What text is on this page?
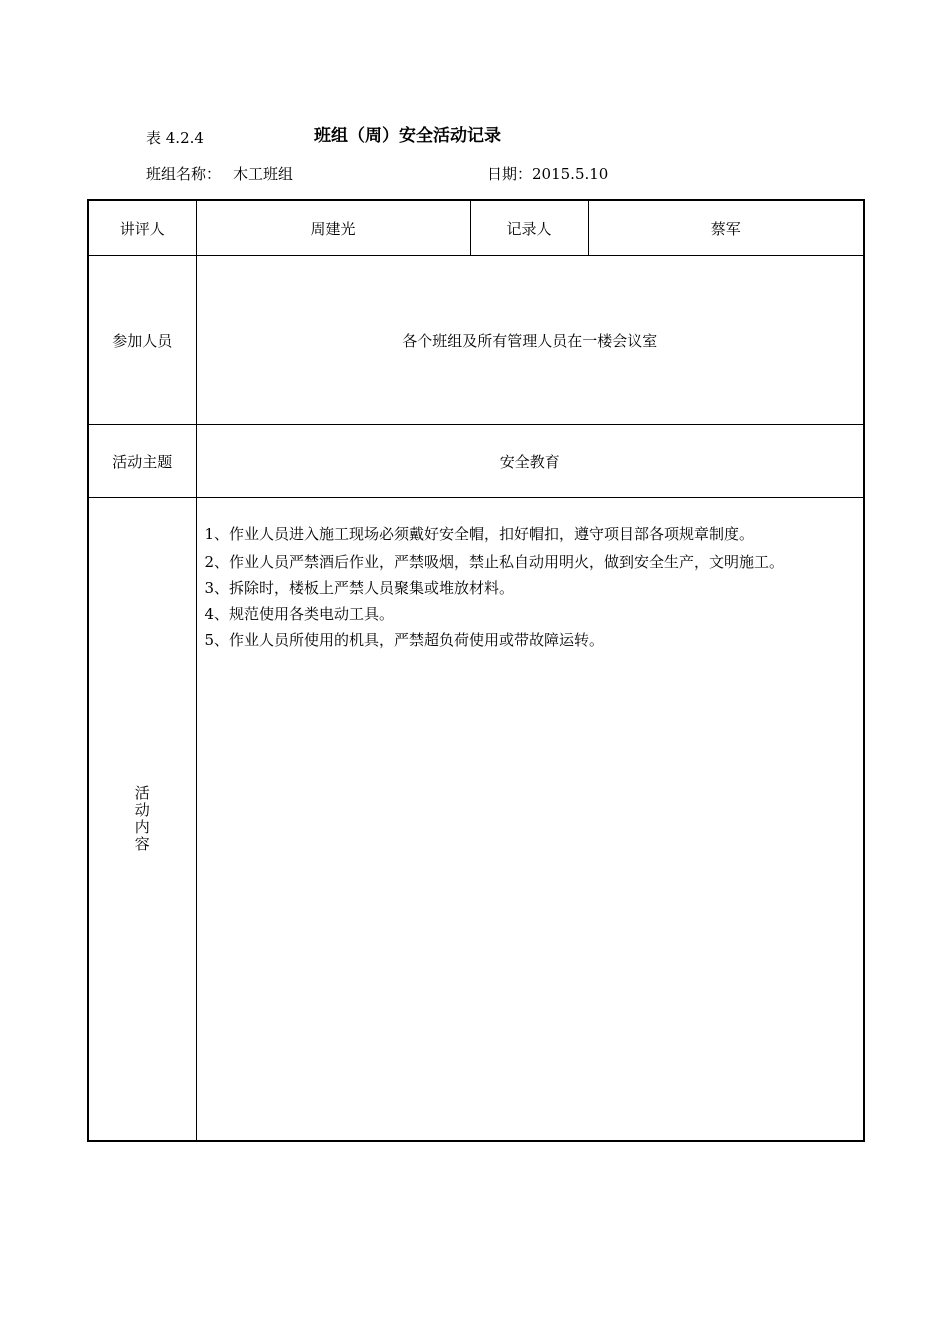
表 4.2.4	班组（周）安全活动记录
班组名称： 木工班组	日期：2015.5.10
讲评人	周建光	记录人	蔡军
参加人员	各个班组及所有管理人员在一楼会议室		
活动主题	安全教育		
活动内容	1、作业人员进入施工现场必须戴好安全帽，扣好帽扣，遵守项目部各项规章制度。
2、作业人员严禁酒后作业，严禁吸烟，禁止私自动用明火，做到安全生产，文明施工。
3、拆除时，楼板上严禁人员聚集或堆放材料。
4、规范使用各类电动工具。
5、作业人员所使用的机具，严禁超负荷使用或带故障运转。		
